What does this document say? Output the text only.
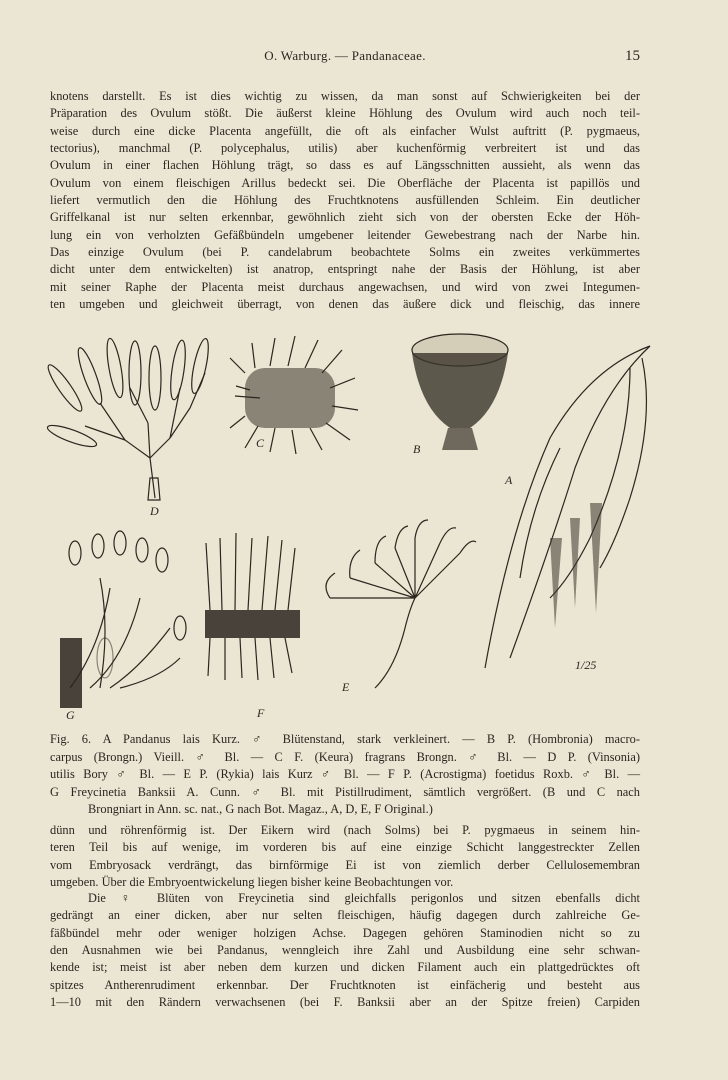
O. Warburg. — Pandanaceae.	15
knotens darstellt. Es ist dies wichtig zu wissen, da man sonst auf Schwierigkeiten bei der
Präparation des Ovulum stößt. Die äußerst kleine Höhlung des Ovulum wird auch noch teil-
weise durch eine dicke Placenta angefüllt, die oft als einfacher Wulst auftritt (P. pygmaeus,
tectorius), manchmal (P. polycephalus, utilis) aber kuchenförmig verbreitert ist und das
Ovulum in einer flachen Höhlung trägt, so dass es auf Längsschnitten aussieht, als wenn das
Ovulum von einem fleischigen Arillus bedeckt sei. Die Oberfläche der Placenta ist papillös und
liefert vermutlich den die Höhlung des Fruchtknotens ausfüllenden Schleim. Ein deutlicher
Griffelkanal ist nur selten erkennbar, gewöhnlich zieht sich von der obersten Ecke der Höh-
lung ein von verholzten Gefäßbündeln umgebener leitender Gewebestrang nach der Narbe hin.
Das einzige Ovulum (bei P. candelabrum beobachtete Solms ein zweites verkümmertes
dicht unter dem entwickelten) ist anatrop, entspringt nahe der Basis der Höhlung, ist aber
mit seiner Raphe der Placenta meist durchaus angewachsen, und wird von zwei Integumen-
ten umgeben und gleichweit überragt, von denen das äußere dick und fleischig, das innere
D
C	B
A
G	F
E
1/25
Fig. 6. A Pandanus lais Kurz. ♂ Blütenstand, stark verkleinert. — B P. (Hombronia) macro-
carpus (Brongn.) Vieill. ♂ Bl. — C F. (Keura) fragrans Brongn. ♂ Bl. — D P. (Vinsonia)
utilis Bory ♂ Bl. — E P. (Rykia) lais Kurz ♂ Bl. — F P. (Acrostigma) foetidus Roxb. ♂ Bl. —
G Freycinetia Banksii A. Cunn. ♂ Bl. mit Pistillrudiment, sämtlich vergrößert. (B und C nach
Brongniart in Ann. sc. nat., G nach Bot. Magaz., A, D, E, F Original.)
dünn und röhrenförmig ist. Der Eikern wird (nach Solms) bei P. pygmaeus in seinem hin-
teren Teil bis auf wenige, im vorderen bis auf eine einzige Schicht langgestreckter Zellen
vom Embryosack verdrängt, das birnförmige Ei ist von ziemlich derber Cellulosemembran
umgeben. Über die Embryoentwickelung liegen bisher keine Beobachtungen vor.
Die ♀ Blüten von Freycinetia sind gleichfalls perigonlos und sitzen ebenfalls dicht
gedrängt an einer dicken, aber nur selten fleischigen, häufig dagegen durch zahlreiche Ge-
fäßbündel mehr oder weniger holzigen Achse. Dagegen gehören Staminodien nicht so zu
den Ausnahmen wie bei Pandanus, wenngleich ihre Zahl und Ausbildung eine sehr schwan-
kende ist; meist ist aber neben dem kurzen und dicken Filament auch ein plattgedrücktes oft
spitzes Antherenrudiment erkennbar. Der Fruchtknoten ist einfächerig und besteht aus
1—10 mit den Rändern verwachsenen (bei F. Banksii aber an der Spitze freien) Carpiden
